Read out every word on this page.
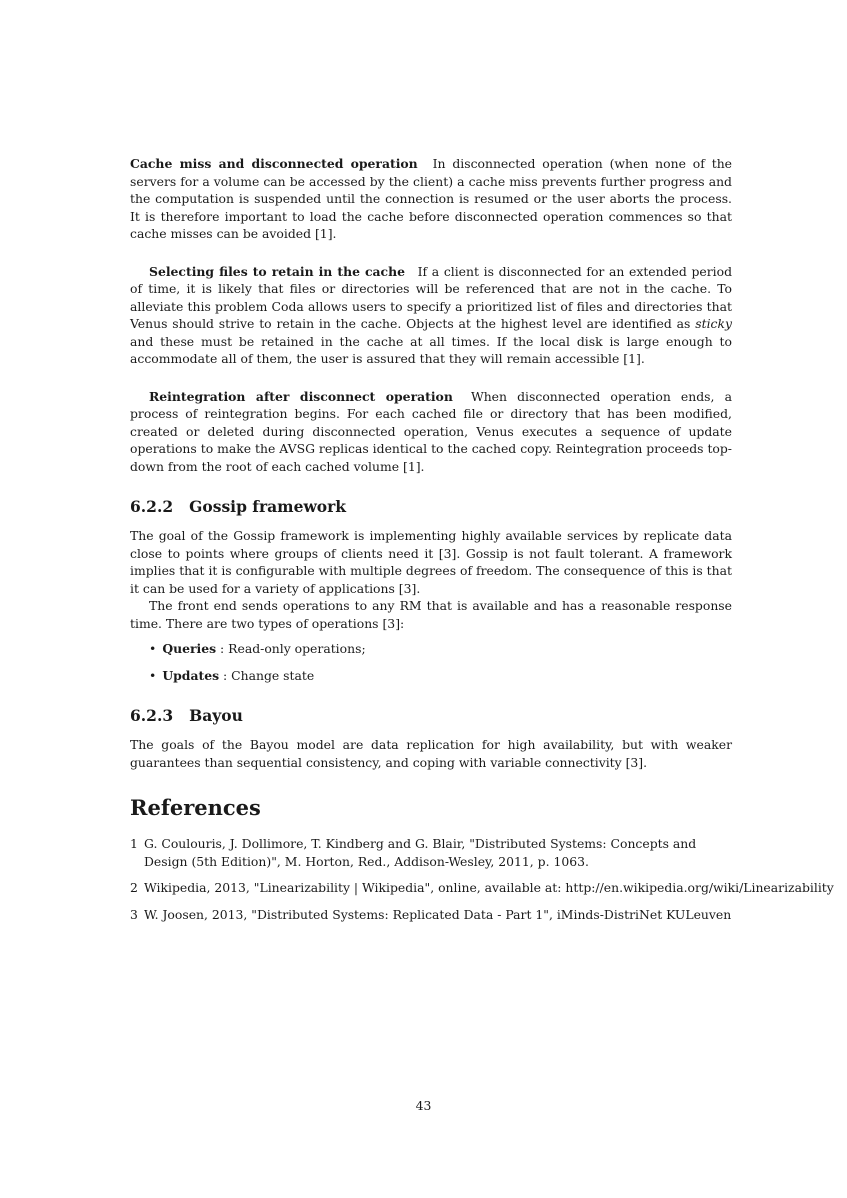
Cache miss and disconnected operation In disconnected operation (when none of the servers for a volume can be accessed by the client) a cache miss prevents further progress and the computation is suspended until the connection is resumed or the user aborts the process. It is therefore important to load the cache before disconnected operation commences so that cache misses can be avoided [1].

Selecting files to retain in the cache If a client is disconnected for an extended period of time, it is likely that files or directories will be referenced that are not in the cache. To alleviate this problem Coda allows users to specify a prioritized list of files and directories that Venus should strive to retain in the cache. Objects at the highest level are identified as sticky and these must be retained in the cache at all times. If the local disk is large enough to accommodate all of them, the user is assured that they will remain accessible [1].

Reintegration after disconnect operation When disconnected operation ends, a process of reintegration begins. For each cached file or directory that has been modified, created or deleted during disconnected operation, Venus executes a sequence of update operations to make the AVSG replicas identical to the cached copy. Reintegration proceeds top-down from the root of each cached volume [1].

6.2.2 Gossip framework

The goal of the Gossip framework is implementing highly available services by replicate data close to points where groups of clients need it [3]. Gossip is not fault tolerant. A framework implies that it is configurable with multiple degrees of freedom. The consequence of this is that it can be used for a variety of applications [3].

The front end sends operations to any RM that is available and has a reasonable response time. There are two types of operations [3]:

• Queries : Read-only operations;
• Updates : Change state
6.2.3 Bayou

The goals of the Bayou model are data replication for high availability, but with weaker guarantees than sequential consistency, and coping with variable connectivity [3].

References
1 G. Coulouris, J. Dollimore, T. Kindberg and G. Blair, "Distributed Systems: Concepts and Design (5th Edition)", M. Horton, Red., Addison-Wesley, 2011, p. 1063.
2 Wikipedia, 2013, "Linearizability | Wikipedia", online, available at: http://en.wikipedia.org/wiki/Linearizability
3 W. Joosen, 2013, "Distributed Systems: Replicated Data - Part 1", iMinds-DistriNet KULeuven
43
